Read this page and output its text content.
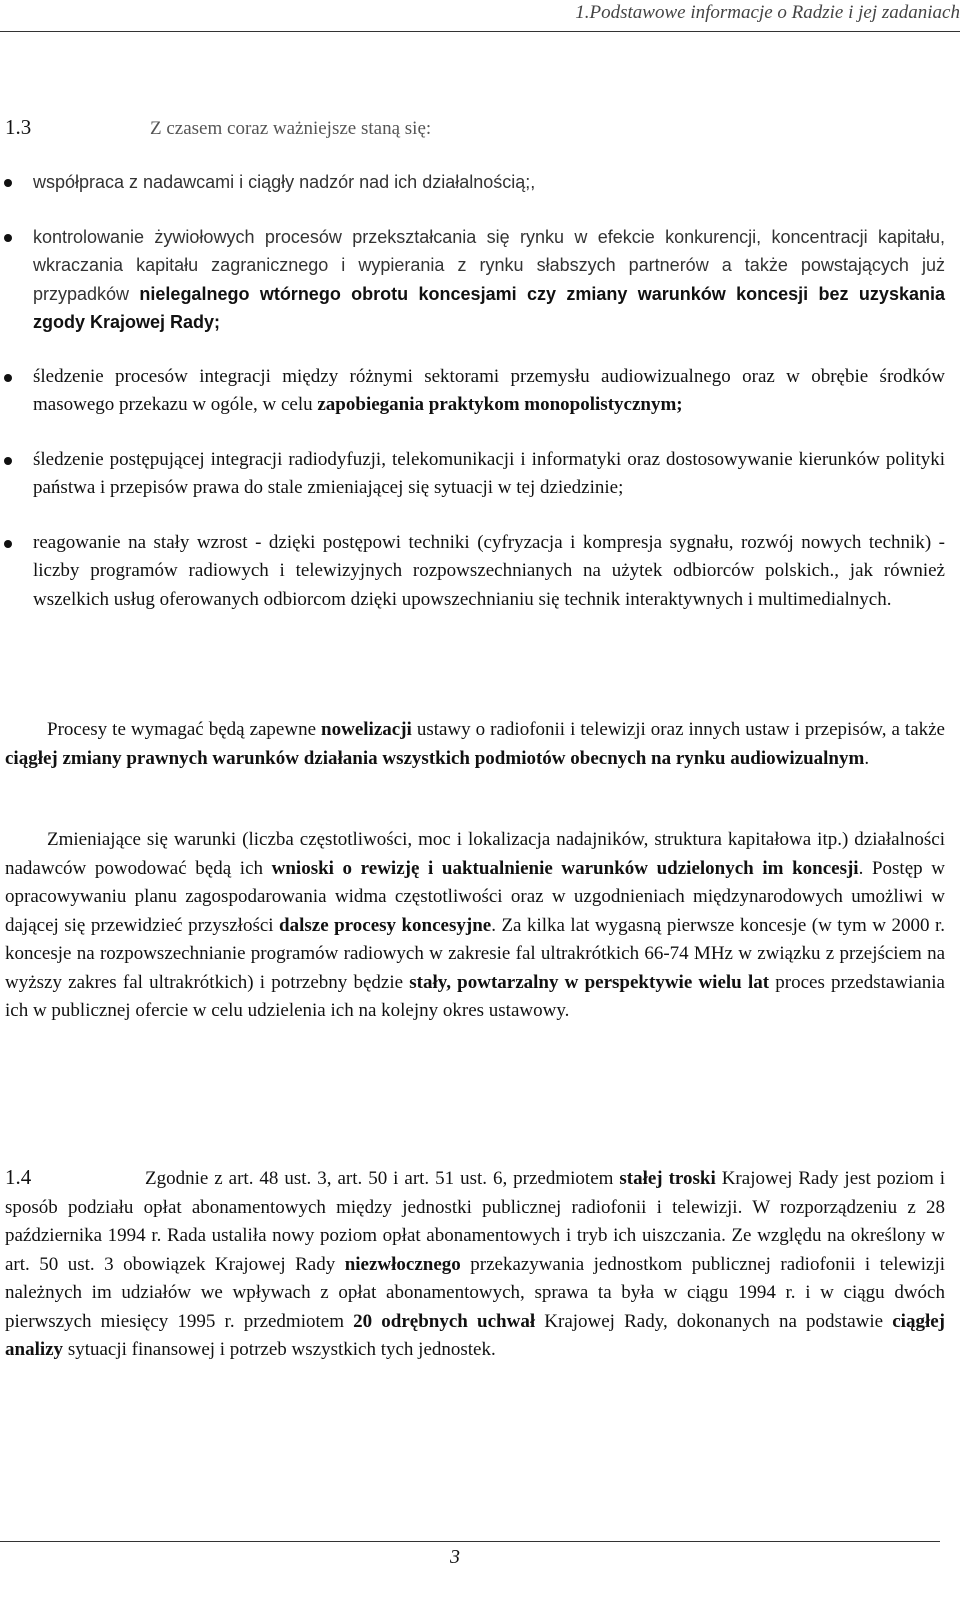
1.Podstawowe informacje o Radzie i jej zadaniach
1.3	Z czasem coraz ważniejsze staną się:
współpraca z nadawcami i ciągły nadzór nad ich działalnością;,
kontrolowanie żywiołowych procesów przekształcania się rynku w efekcie konkurencji, koncentracji kapitału, wkraczania kapitału zagranicznego i wypierania z rynku słabszych partnerów a także powstających już przypadków nielegalnego wtórnego obrotu koncesjami czy zmiany warunków koncesji bez uzyskania zgody Krajowej Rady;
śledzenie procesów integracji między różnymi sektorami przemysłu audiowizualnego oraz w obrębie środków masowego przekazu w ogóle, w celu zapobiegania praktykom monopolistycznym;
śledzenie postępującej integracji radiodyfuzji, telekomunikacji i informatyki oraz dostosowywanie kierunków polityki państwa i przepisów prawa do stale zmieniającej się sytuacji w tej dziedzinie;
reagowanie na stały wzrost - dzięki postępowi techniki (cyfryzacja i kompresja sygnału, rozwój nowych technik) - liczby programów radiowych i telewizyjnych rozpowszechnianych na użytek odbiorców polskich., jak również wszelkich usług oferowanych odbiorcom dzięki upowszechnianiu się technik interaktywnych i multimedialnych.
Procesy te wymagać będą zapewne nowelizacji ustawy o radiofonii i telewizji oraz innych ustaw i przepisów, a także ciągłej zmiany prawnych warunków działania wszystkich podmiotów obecnych na rynku audiowizualnym.
Zmieniające się warunki (liczba częstotliwości, moc i lokalizacja nadajników, struktura kapitałowa itp.) działalności nadawców powodować będą ich wnioski o rewizję i uaktualnienie warunków udzielonych im koncesji. Postęp w opracowywaniu planu zagospodarowania widma częstotliwości oraz w uzgodnieniach międzynarodowych umożliwi w dającej się przewidzieć przyszłości dalsze procesy koncesyjne. Za kilka lat wygasną pierwsze koncesje (w tym w 2000 r. koncesje na rozpowszechnianie programów radiowych w zakresie fal ultrakrótkich 66-74 MHz w związku z przejściem na wyższy zakres fal ultrakrótkich) i potrzebny będzie stały, powtarzalny w perspektywie wielu lat proces przedstawiania ich w publicznej ofercie w celu udzielenia ich na kolejny okres ustawowy.
1.4	Zgodnie z art. 48 ust. 3, art. 50 i art. 51 ust. 6, przedmiotem stałej troski Krajowej Rady jest poziom i sposób podziału opłat abonamentowych między jednostki publicznej radiofonii i telewizji. W rozporządzeniu z 28 października 1994 r. Rada ustaliła nowy poziom opłat abonamentowych i tryb ich uiszczania. Ze względu na określony w art. 50 ust. 3 obowiązek Krajowej Rady niezwłocznego przekazywania jednostkom publicznej radiofonii i telewizji należnych im udziałów we wpływach z opłat abonamentowych, sprawa ta była w ciągu 1994 r. i w ciągu dwóch pierwszych miesięcy 1995 r. przedmiotem 20 odrębnych uchwał Krajowej Rady, dokonanych na podstawie ciągłej analizy sytuacji finansowej i potrzeb wszystkich tych jednostek.
3
